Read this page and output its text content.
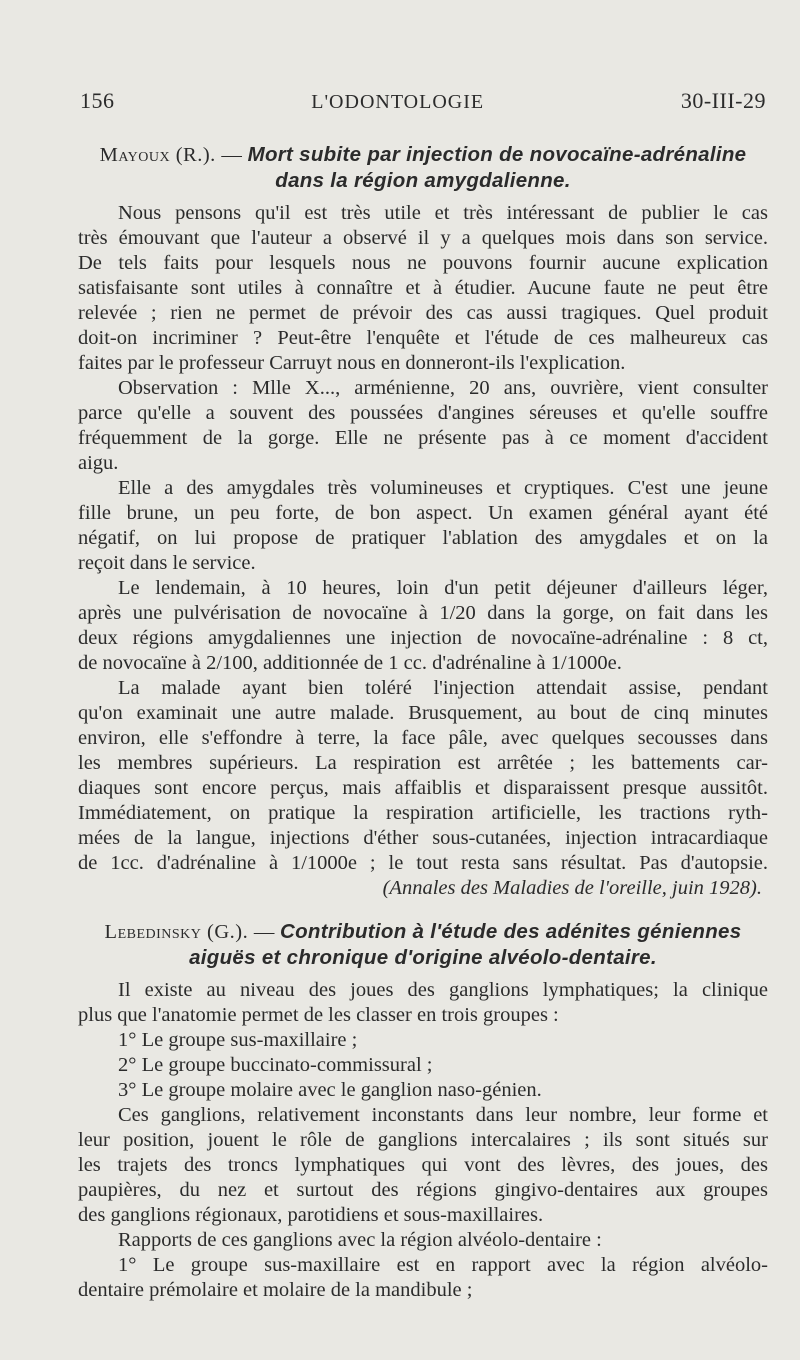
156	L'ODONTOLOGIE	30-III-29
Mayoux (R.). — Mort subite par injection de novocaïne-adrénaline
dans la région amygdalienne.
Nous pensons qu'il est très utile et très intéressant de publier le cas
très émouvant que l'auteur a observé il y a quelques mois dans son service.
De tels faits pour lesquels nous ne pouvons fournir aucune explication
satisfaisante sont utiles à connaître et à étudier. Aucune faute ne peut être
relevée ; rien ne permet de prévoir des cas aussi tragiques. Quel produit
doit-on incriminer ? Peut-être l'enquête et l'étude de ces malheureux cas
faites par le professeur Carruyt nous en donneront-ils l'explication.
Observation : Mlle X..., arménienne, 20 ans, ouvrière, vient consulter
parce qu'elle a souvent des poussées d'angines séreuses et qu'elle souffre
fréquemment de la gorge. Elle ne présente pas à ce moment d'accident
aigu.
Elle a des amygdales très volumineuses et cryptiques. C'est une jeune
fille brune, un peu forte, de bon aspect. Un examen général ayant été
négatif, on lui propose de pratiquer l'ablation des amygdales et on la
reçoit dans le service.
Le lendemain, à 10 heures, loin d'un petit déjeuner d'ailleurs léger,
après une pulvérisation de novocaïne à 1/20 dans la gorge, on fait dans les
deux régions amygdaliennes une injection de novocaïne-adrénaline : 8 ct,
de novocaïne à 2/100, additionnée de 1 cc. d'adrénaline à 1/1000e.
La malade ayant bien toléré l'injection attendait assise, pendant
qu'on examinait une autre malade. Brusquement, au bout de cinq minutes
environ, elle s'effondre à terre, la face pâle, avec quelques secousses dans
les membres supérieurs. La respiration est arrêtée ; les battements car-
diaques sont encore perçus, mais affaiblis et disparaissent presque aussitôt.
Immédiatement, on pratique la respiration artificielle, les tractions ryth-
mées de la langue, injections d'éther sous-cutanées, injection intracardiaque
de 1cc. d'adrénaline à 1/1000e ; le tout resta sans résultat. Pas d'autopsie.
(Annales des Maladies de l'oreille, juin 1928).
Lebedinsky (G.). — Contribution à l'étude des adénites géniennes
aiguës et chronique d'origine alvéolo-dentaire.
Il existe au niveau des joues des ganglions lymphatiques; la clinique
plus que l'anatomie permet de les classer en trois groupes :
1° Le groupe sus-maxillaire ;
2° Le groupe buccinato-commissural ;
3° Le groupe molaire avec le ganglion naso-génien.
Ces ganglions, relativement inconstants dans leur nombre, leur forme et
leur position, jouent le rôle de ganglions intercalaires ; ils sont situés sur
les trajets des troncs lymphatiques qui vont des lèvres, des joues, des
paupières, du nez et surtout des régions gingivo-dentaires aux groupes
des ganglions régionaux, parotidiens et sous-maxillaires.
Rapports de ces ganglions avec la région alvéolo-dentaire :
1° Le groupe sus-maxillaire est en rapport avec la région alvéolo-
dentaire prémolaire et molaire de la mandibule ;
